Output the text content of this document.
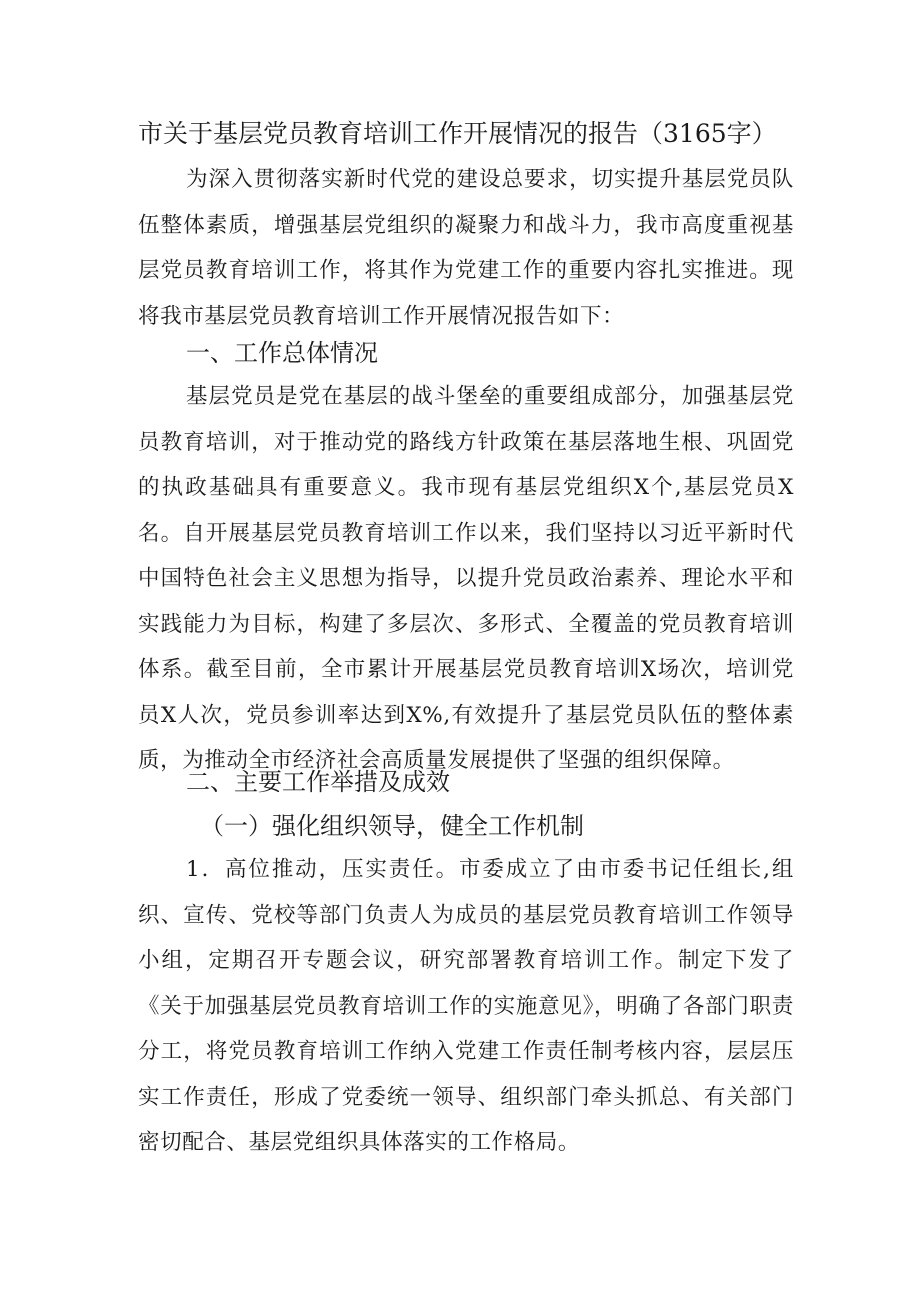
市关于基层党员教育培训工作开展情况的报告（3165字）
为深入贯彻落实新时代党的建设总要求，切实提升基层党员队伍整体素质，增强基层党组织的凝聚力和战斗力，我市高度重视基层党员教育培训工作，将其作为党建工作的重要内容扎实推进。现将我市基层党员教育培训工作开展情况报告如下：
一、工作总体情况
基层党员是党在基层的战斗堡垒的重要组成部分，加强基层党员教育培训，对于推动党的路线方针政策在基层落地生根、巩固党的执政基础具有重要意义。我市现有基层党组织X个,基层党员X名。自开展基层党员教育培训工作以来，我们坚持以习近平新时代中国特色社会主义思想为指导，以提升党员政治素养、理论水平和实践能力为目标，构建了多层次、多形式、全覆盖的党员教育培训体系。截至目前，全市累计开展基层党员教育培训X场次，培训党员X人次，党员参训率达到X%,有效提升了基层党员队伍的整体素质，为推动全市经济社会高质量发展提供了坚强的组织保障。
二、主要工作举措及成效
（一）强化组织领导，健全工作机制
1．高位推动，压实责任。市委成立了由市委书记任组长,组织、宣传、党校等部门负责人为成员的基层党员教育培训工作领导小组，定期召开专题会议，研究部署教育培训工作。制定下发了《关于加强基层党员教育培训工作的实施意见》，明确了各部门职责分工，将党员教育培训工作纳入党建工作责任制考核内容，层层压实工作责任，形成了党委统一领导、组织部门牵头抓总、有关部门密切配合、基层党组织具体落实的工作格局。
